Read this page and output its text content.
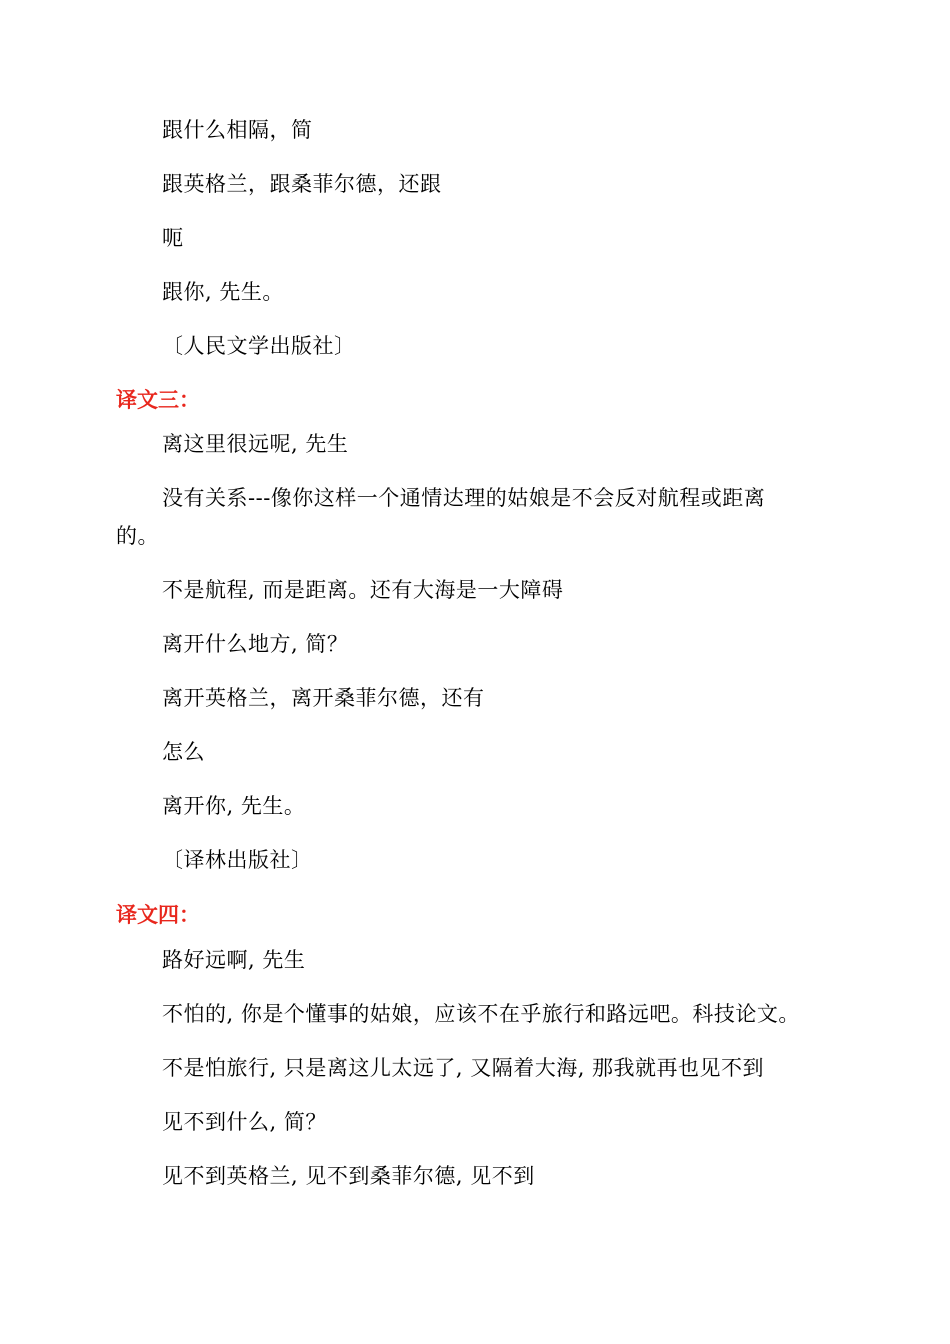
跟什么相隔，简
跟英格兰，跟桑菲尔德，还跟
呃
跟你, 先生。
〔人民文学出版社〕
译文三：
离这里很远呢, 先生
没有关系---像你这样一个通情达理的姑娘是不会反对航程或距离
的。
不是航程, 而是距离。还有大海是一大障碍
离开什么地方, 简？
离开英格兰，离开桑菲尔德，还有
怎么
离开你, 先生。
〔译林出版社〕
译文四：
路好远啊, 先生
不怕的, 你是个懂事的姑娘，应该不在乎旅行和路远吧。科技论文。
不是怕旅行, 只是离这儿太远了, 又隔着大海, 那我就再也见不到
见不到什么, 简？
见不到英格兰, 见不到桑菲尔德, 见不到
